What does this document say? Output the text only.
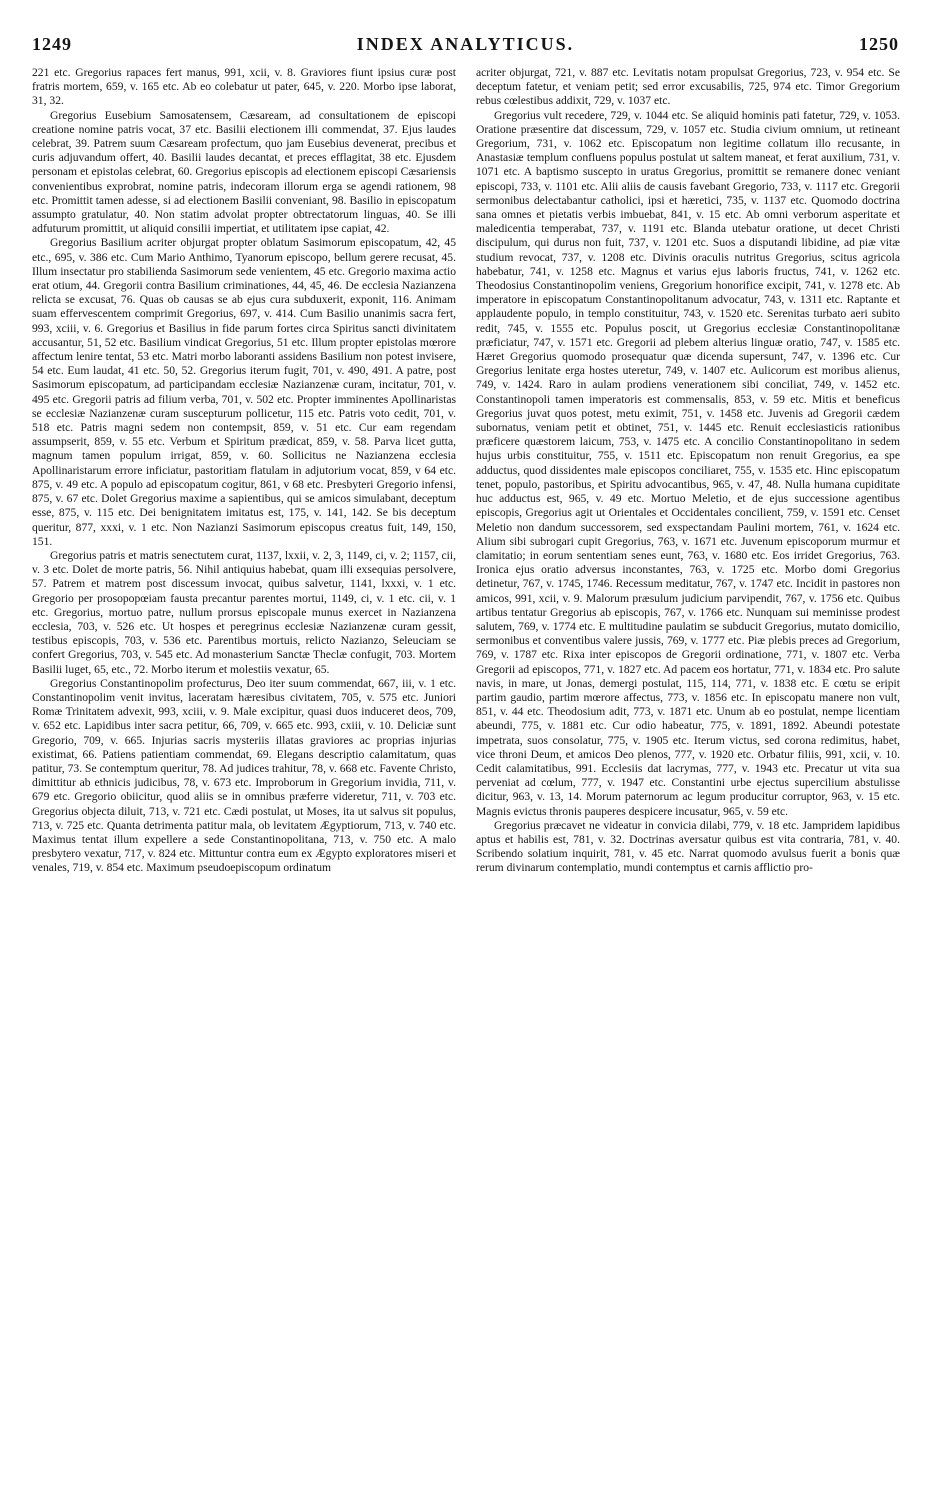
1249	INDEX ANALYTICUS.	1250

221 etc. Gregorius rapaces fert manus, 991, xcii, v. 8. Graviores fiunt ipsius curæ post fratris mortem, 659, v. 165 etc. Ab eo colebatur ut pater, 645, v. 220. Morbo ipse laborat, 31, 32.

Gregorius Eusebium Samosatensem, Cæsaream, ad consultationem de episcopi creatione nomine patris vocat, 37 etc. Basilii electionem illi commendat, 37. Ejus laudes celebrat, 39. Patrem suum Cæsaream profectum, quo jam Eusebius devenerat, precibus et curis adjuvandum offert, 40. Basilii laudes decantat, et preces efflagitat, 38 etc. Ejusdem personam et epistolas celebrat, 60. Gregorius episcopis ad electionem episcopi Cæsariensis convenientibus exprobrat, nomine patris, indecoram illorum erga se agendi rationem, 98 etc. Promittit tamen adesse, si ad electionem Basilii conveniant, 98. Basilio in episcopatum assumpto gratulatur, 40. Non statim advolat propter obtrectatorum linguas, 40. Se illi adfuturum promittit, ut aliquid consilii impertiat, et utilitatem ipse capiat, 42.

Gregorius Basilium acriter objurgat propter oblatum Sasimorum episcopatum, 42, 45 etc., 695, v. 386 etc. Cum Mario Anthimo, Tyanorum episcopo, bellum gerere recusat, 45. Illum insectatur pro stabilienda Sasimorum sede venientem, 45 etc. Gregorio maxima actio erat otium, 44. Gregorii contra Basilium criminationes, 44, 45, 46. De ecclesia Nazianzena relicta se excusat, 76. Quas ob causas se ab ejus cura subduxerit, exponit, 116. Animam suam effervescentem comprimit Gregorius, 697, v. 414. Cum Basilio unanimis sacra fert, 993, xciii, v. 6. Gregorius et Basilius in fide parum fortes circa Spiritus sancti divinitatem accusantur, 51, 52 etc. Basilium vindicat Gregorius, 51 etc. Illum propter epistolas mœrore affectum lenire tentat, 53 etc. Matri morbo laboranti assidens Basilium non potest invisere, 54 etc. Eum laudat, 41 etc. 50, 52. Gregorius iterum fugit, 701, v. 490, 491. A patre, post Sasimorum episcopatum, ad participandam ecclesiæ Nazianzenæ curam, incitatur, 701, v. 495 etc. Gregorii patris ad filium verba, 701, v. 502 etc. Propter imminentes Apollinaristas se ecclesiæ Nazianzenæ curam suscepturum pollicetur, 115 etc. Patris voto cedit, 701, v. 518 etc. Patris magni sedem non contempsit, 859, v. 51 etc. Cur eam regendam assumpserit, 859, v. 55 etc. Verbum et Spiritum prædicat, 859, v. 58. Parva licet gutta, magnum tamen populum irrigat, 859, v. 60. Sollicitus ne Nazianzena ecclesia Apollinaristarum errore inficiatur, pastoritiam flatulam in adjutorium vocat, 859, v 64 etc. 875, v. 49 etc. A populo ad episcopatum cogitur, 861, v 68 etc. Presbyteri Gregorio infensi, 875, v. 67 etc. Dolet Gregorius maxime a sapientibus, qui se amicos simulabant, deceptum esse, 875, v. 115 etc. Dei benignitatem imitatus est, 175, v. 141, 142. Se bis deceptum queritur, 877, xxxi, v. 1 etc. Non Nazianzi Sasimorum episcopus creatus fuit, 149, 150, 151.

Gregorius patris et matris senectutem curat, 1137, lxxii, v. 2, 3, 1149, ci, v. 2; 1157, cii, v. 3 etc. Dolet de morte patris, 56. Nihil antiquius habebat, quam illi exsequias persolvere, 57. Patrem et matrem post discessum invocat, quibus salvetur, 1141, lxxxi, v. 1 etc. Gregorio per prosopopœiam fausta precantur parentes mortui, 1149, ci, v. 1 etc. cii, v. 1 etc. Gregorius, mortuo patre, nullum prorsus episcopale munus exercet in Nazianzena ecclesia, 703, v. 526 etc. Ut hospes et peregrinus ecclesiæ Nazianzenæ curam gessit, testibus episcopis, 703, v. 536 etc. Parentibus mortuis, relicto Nazianzo, Seleuciam se confert Gregorius, 703, v. 545 etc. Ad monasterium Sanctæ Theclæ confugit, 703. Mortem Basilii luget, 65, etc., 72. Morbo iterum et molestiis vexatur, 65.

Gregorius Constantinopolim profecturus, Deo iter suum commendat, 667, iii, v. 1 etc. Constantinopolim venit invitus, laceratam hæresibus civitatem, 705, v. 575 etc. Juniori Romæ Trinitatem advexit, 993, xciii, v. 9. Male excipitur, quasi duos induceret deos, 709, v. 652 etc. Lapidibus inter sacra petitur, 66, 709, v. 665 etc. 993, cxiii, v. 10. Deliciæ sunt Gregorio, 709, v. 665. Injurias sacris mysteriis illatas graviores ac proprias injurias existimat, 66. Patiens patientiam commendat, 69. Elegans descriptio calamitatum, quas patitur, 73. Se contemptum queritur, 78. Ad judices trahitur, 78, v. 668 etc. Favente Christo, dimittitur ab ethnicis judicibus, 78, v. 673 etc. Improborum in Gregorium invidia, 711, v. 679 etc. Gregorio obiicitur, quod aliis se in omnibus præferre videretur, 711, v. 703 etc. Gregorius objecta diluit, 713, v. 721 etc. Cædi postulat, ut Moses, ita ut salvus sit populus, 713, v. 725 etc. Quanta detrimenta patitur mala, ob levitatem Ægyptiorum, 713, v. 740 etc. Maximus tentat illum expellere a sede Constantinopolitana, 713, v. 750 etc. A malo presbytero vexatur, 717, v. 824 etc. Mittuntur contra eum ex Ægypto exploratores miseri et venales, 719, v. 854 etc. Maximum pseudoepiscopum ordinatum

acriter objurgat, 721, v. 887 etc. Levitatis notam propulsat Gregorius, 723, v. 954 etc. Se deceptum fatetur, et veniam petit; sed error excusabilis, 725, 974 etc. Timor Gregorium rebus cœlestibus addixit, 729, v. 1037 etc.

Gregorius vult recedere, 729, v. 1044 etc. Se aliquid hominis pati fatetur, 729, v. 1053. Oratione præsentire dat discessum, 729, v. 1057 etc. Studia civium omnium, ut retineant Gregorium, 731, v. 1062 etc. Episcopatum non legitime collatum illo recusante, in Anastasiæ templum confluens populus postulat ut saltem maneat, et ferat auxilium, 731, v. 1071 etc. A baptismo suscepto in uratus Gregorius, promittit se remanere donec veniant episcopi, 733, v. 1101 etc. Alii aliis de causis favebant Gregorio, 733, v. 1117 etc. Gregorii sermonibus delectabantur catholici, ipsi et hæretici, 735, v. 1137 etc. Quomodo doctrina sana omnes et pietatis verbis imbuebat, 841, v. 15 etc. Ab omni verborum asperitate et maledicentia temperabat, 737, v. 1191 etc. Blanda utebatur oratione, ut decet Christi discipulum, qui durus non fuit, 737, v. 1201 etc. Suos a disputandi libidine, ad piæ vitæ studium revocat, 737, v. 1208 etc. Divinis oraculis nutritus Gregorius, scitus agricola habebatur, 741, v. 1258 etc. Magnus et varius ejus laboris fructus, 741, v. 1262 etc. Theodosius Constantinopolim veniens, Gregorium honorifice excipit, 741, v. 1278 etc. Ab imperatore in episcopatum Constantinopolitanum advocatur, 743, v. 1311 etc. Raptante et applaudente populo, in templo constituitur, 743, v. 1520 etc. Serenitas turbato aeri subito redit, 745, v. 1555 etc. Populus poscit, ut Gregorius ecclesiæ Constantinopolitanæ præficiatur, 747, v. 1571 etc. Gregorii ad plebem alterius linguæ oratio, 747, v. 1585 etc. Hæret Gregorius quomodo prosequatur quæ dicenda supersunt, 747, v. 1396 etc. Cur Gregorius lenitate erga hostes uteretur, 749, v. 1407 etc. Aulicorum est moribus alienus, 749, v. 1424. Raro in aulam prodiens venerationem sibi conciliat, 749, v. 1452 etc. Constantinopoli tamen imperatoris est commensalis, 853, v. 59 etc. Mitis et beneficus Gregorius juvat quos potest, metu eximit, 751, v. 1458 etc. Juvenis ad Gregorii cædem subornatus, veniam petit et obtinet, 751, v. 1445 etc. Renuit ecclesiasticis rationibus præficere quæstorem laicum, 753, v. 1475 etc. A concilio Constantinopolitano in sedem hujus urbis constituitur, 755, v. 1511 etc. Episcopatum non renuit Gregorius, ea spe adductus, quod dissidentes male episcopos conciliaret, 755, v. 1535 etc. Hinc episcopatum tenet, populo, pastoribus, et Spiritu advocantibus, 965, v. 47, 48. Nulla humana cupiditate huc adductus est, 965, v. 49 etc. Mortuo Meletio, et de ejus successione agentibus episcopis, Gregorius agit ut Orientales et Occidentales concilient, 759, v. 1591 etc. Censet Meletio non dandum successorem, sed exspectandam Paulini mortem, 761, v. 1624 etc. Alium sibi subrogari cupit Gregorius, 763, v. 1671 etc. Juvenum episcoporum murmur et clamitatio; in eorum sententiam senes eunt, 763, v. 1680 etc. Eos irridet Gregorius, 763. Ironica ejus oratio adversus inconstantes, 763, v. 1725 etc. Morbo domi Gregorius detinetur, 767, v. 1745, 1746. Recessum meditatur, 767, v. 1747 etc. Incidit in pastores non amicos, 991, xcii, v. 9. Malorum præsulum judicium parvipendit, 767, v. 1756 etc. Quibus artibus tentatur Gregorius ab episcopis, 767, v. 1766 etc. Nunquam sui meminisse prodest salutem, 769, v. 1774 etc. E multitudine paulatim se subducit Gregorius, mutato domicilio, sermonibus et conventibus valere jussis, 769, v. 1777 etc. Piæ plebis preces ad Gregorium, 769, v. 1787 etc. Rixa inter episcopos de Gregorii ordinatione, 771, v. 1807 etc. Verba Gregorii ad episcopos, 771, v. 1827 etc. Ad pacem eos hortatur, 771, v. 1834 etc. Pro salute navis, in mare, ut Jonas, demergi postulat, 115, 114, 771, v. 1838 etc. E cœtu se eripit partim gaudio, partim mœrore affectus, 773, v. 1856 etc. In episcopatu manere non vult, 851, v. 44 etc. Theodosium adit, 773, v. 1871 etc. Unum ab eo postulat, nempe licentiam abeundi, 775, v. 1881 etc. Cur odio habeatur, 775, v. 1891, 1892. Abeundi potestate impetrata, suos consolatur, 775, v. 1905 etc. Iterum victus, sed corona redimitus, habet, vice throni Deum, et amicos Deo plenos, 777, v. 1920 etc. Orbatur filiis, 991, xcii, v. 10. Cedit calamitatibus, 991. Ecclesiis dat lacrymas, 777, v. 1943 etc. Precatur ut vita sua perveniat ad cœlum, 777, v. 1947 etc. Constantini urbe ejectus supercilium abstulisse dicitur, 963, v. 13, 14. Morum paternorum ac legum producitur corruptor, 963, v. 15 etc. Magnis evictus thronis pauperes despicere incusatur, 965, v. 59 etc.

Gregorius præcavet ne videatur in convicia dilabi, 779, v. 18 etc. Jampridem lapidibus aptus et habilis est, 781, v. 32. Doctrinas aversatur quibus est vita contraria, 781, v. 40. Scribendo solatium inquirit, 781, v. 45 etc. Narrat quomodo avulsus fuerit a bonis quæ rerum divinarum contemplatio, mundi contemptus et carnis afflictio pro-
